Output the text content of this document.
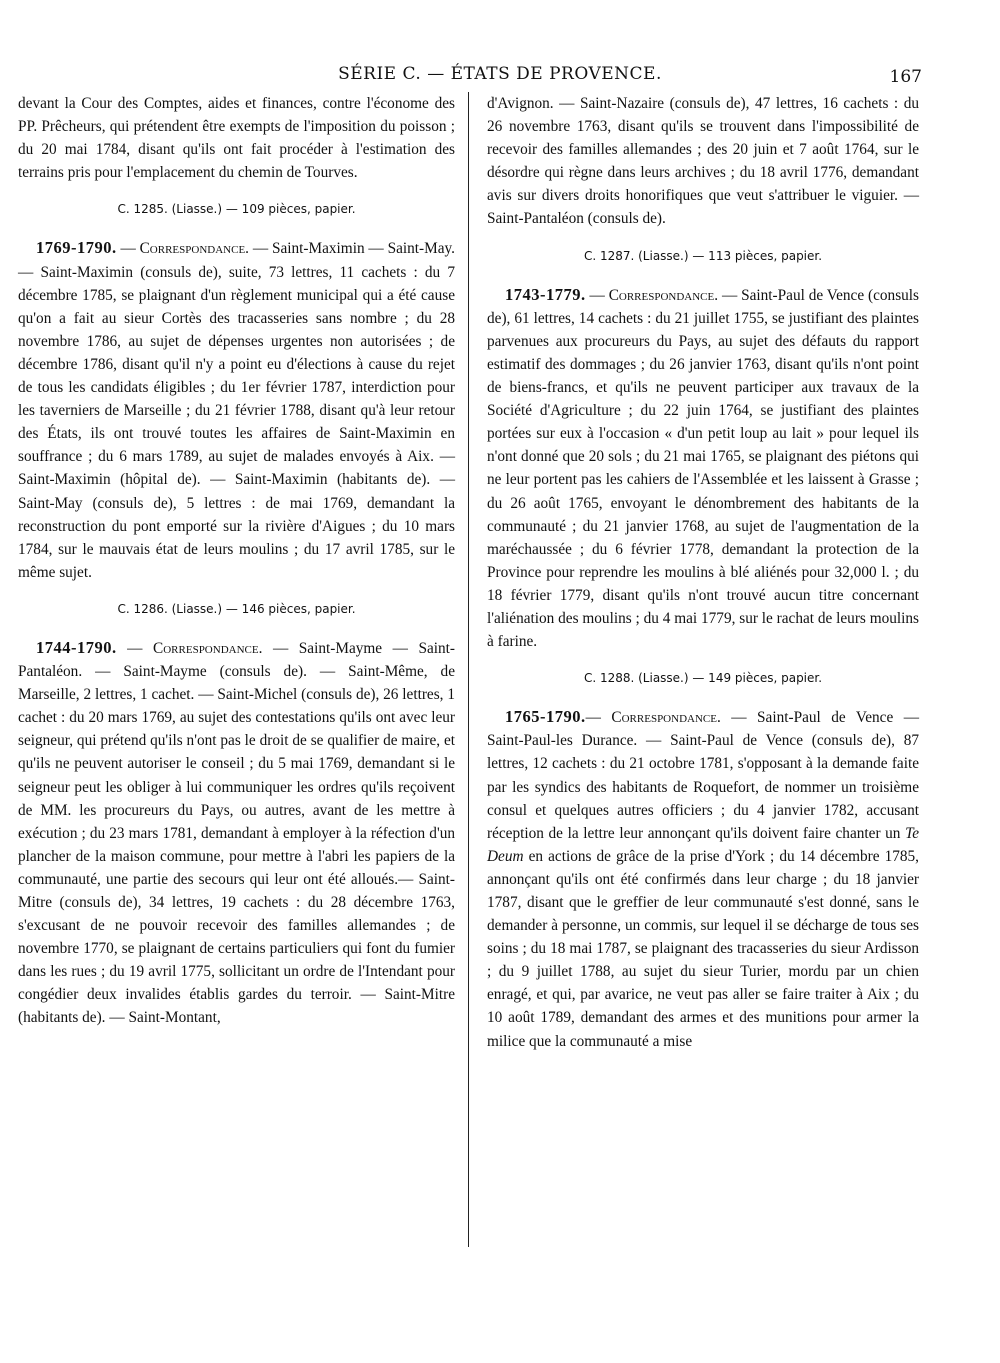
SÉRIE C. — ÉTATS DE PROVENCE.	167

devant la Cour des Comptes, aides et finances, contre l'économe des PP. Prêcheurs, qui prétendent être exempts de l'imposition du poisson ; du 20 mai 1784, disant qu'ils ont fait procéder à l'estimation des terrains pris pour l'emplacement du chemin de Tourves.

C. 1285. (Liasse.) — 109 pièces, papier.

1769-1790. — Correspondance. — Saint-Maximin — Saint-May. — Saint-Maximin (consuls de), suite, 73 lettres, 11 cachets : du 7 décembre 1785, se plaignant d'un règlement municipal qui a été cause qu'on a fait au sieur Cortès des tracasseries sans nombre ; du 28 novembre 1786, au sujet de dépenses urgentes non autorisées ; de décembre 1786, disant qu'il n'y a point eu d'élections à cause du rejet de tous les candidats éligibles ; du 1er février 1787, interdiction pour les taverniers de Marseille ; du 21 février 1788, disant qu'à leur retour des États, ils ont trouvé toutes les affaires de Saint-Maximin en souffrance ; du 6 mars 1789, au sujet de malades envoyés à Aix. — Saint-Maximin (hôpital de). — Saint-Maximin (habitants de). — Saint-May (consuls de), 5 lettres : de mai 1769, demandant la reconstruction du pont emporté sur la rivière d'Aigues ; du 10 mars 1784, sur le mauvais état de leurs moulins ; du 17 avril 1785, sur le même sujet.

C. 1286. (Liasse.) — 146 pièces, papier.

1744-1790. — Correspondance. — Saint-Mayme — Saint-Pantaléon. — Saint-Mayme (consuls de). — Saint-Même, de Marseille, 2 lettres, 1 cachet. — Saint-Michel (consuls de), 26 lettres, 1 cachet : du 20 mars 1769, au sujet des contestations qu'ils ont avec leur seigneur, qui prétend qu'ils n'ont pas le droit de se qualifier de maire, et qu'ils ne peuvent autoriser le conseil ; du 5 mai 1769, demandant si le seigneur peut les obliger à lui communiquer les ordres qu'ils reçoivent de MM. les procureurs du Pays, ou autres, avant de les mettre à exécution ; du 23 mars 1781, demandant à employer à la réfection d'un plancher de la maison commune, pour mettre à l'abri les papiers de la communauté, une partie des secours qui leur ont été alloués.— Saint-Mitre (consuls de), 34 lettres, 19 cachets : du 28 décembre 1763, s'excusant de ne pouvoir recevoir des familles allemandes ; de novembre 1770, se plaignant de certains particuliers qui font du fumier dans les rues ; du 19 avril 1775, sollicitant un ordre de l'Intendant pour congédier deux invalides établis gardes du terroir. — Saint-Mitre (habitants de). — Saint-Montant,

d'Avignon. — Saint-Nazaire (consuls de), 47 lettres, 16 cachets : du 26 novembre 1763, disant qu'ils se trouvent dans l'impossibilité de recevoir des familles allemandes ; des 20 juin et 7 août 1764, sur le désordre qui règne dans leurs archives ; du 18 avril 1776, demandant avis sur divers droits honorifiques que veut s'attribuer le viguier. — Saint-Pantaléon (consuls de).

C. 1287. (Liasse.) — 113 pièces, papier.

1743-1779. — Correspondance. — Saint-Paul de Vence (consuls de), 61 lettres, 14 cachets : du 21 juillet 1755, se justifiant des plaintes parvenues aux procureurs du Pays, au sujet des défauts du rapport estimatif des dommages ; du 26 janvier 1763, disant qu'ils n'ont point de biens-francs, et qu'ils ne peuvent participer aux travaux de la Société d'Agriculture ; du 22 juin 1764, se justifiant des plaintes portées sur eux à l'occasion « d'un petit loup au lait » pour lequel ils n'ont donné que 20 sols ; du 21 mai 1765, se plaignant des piétons qui ne leur portent pas les cahiers de l'Assemblée et les laissent à Grasse ; du 26 août 1765, envoyant le dénombrement des habitants de la communauté ; du 21 janvier 1768, au sujet de l'augmentation de la maréchaussée ; du 6 février 1778, demandant la protection de la Province pour reprendre les moulins à blé aliénés pour 32,000 l. ; du 18 février 1779, disant qu'ils n'ont trouvé aucun titre concernant l'aliénation des moulins ; du 4 mai 1779, sur le rachat de leurs moulins à farine.

C. 1288. (Liasse.) — 149 pièces, papier.

1765-1790.— Correspondance. — Saint-Paul de Vence — Saint-Paul-les Durance. — Saint-Paul de Vence (consuls de), 87 lettres, 12 cachets : du 21 octobre 1781, s'opposant à la demande faite par les syndics des habitants de Roquefort, de nommer un troisième consul et quelques autres officiers ; du 4 janvier 1782, accusant réception de la lettre leur annonçant qu'ils doivent faire chanter un Te Deum en actions de grâce de la prise d'York ; du 14 décembre 1785, annonçant qu'ils ont été confirmés dans leur charge ; du 18 janvier 1787, disant que le greffier de leur communauté s'est donné, sans le demander à personne, un commis, sur lequel il se décharge de tous ses soins ; du 18 mai 1787, se plaignant des tracasseries du sieur Ardisson ; du 9 juillet 1788, au sujet du sieur Turier, mordu par un chien enragé, et qui, par avarice, ne veut pas aller se faire traiter à Aix ; du 10 août 1789, demandant des armes et des munitions pour armer la milice que la communauté a mise
